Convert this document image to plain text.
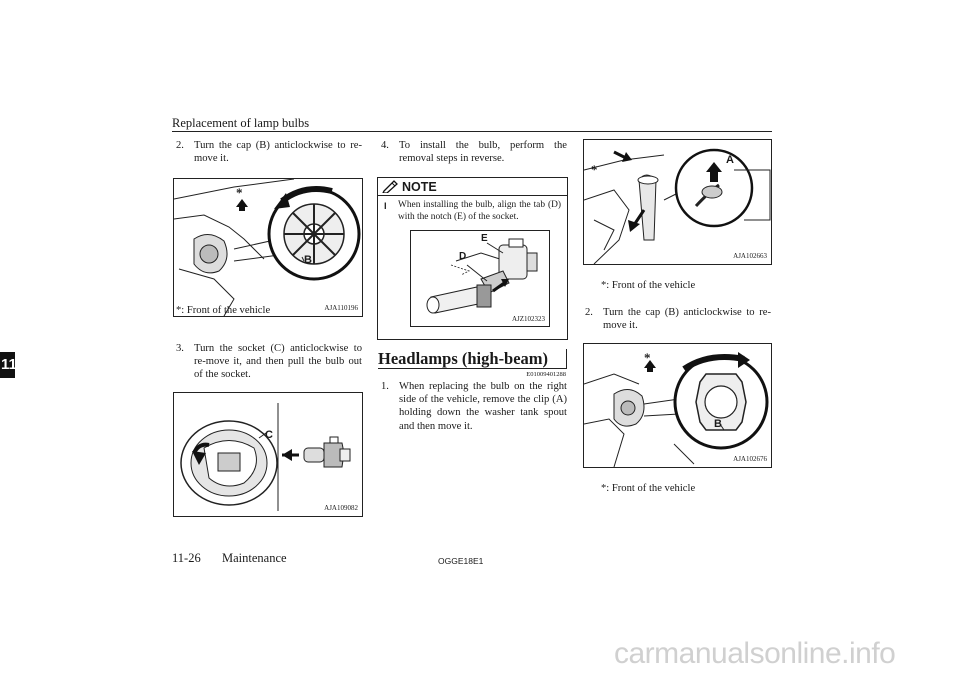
Replacement of lamp bulbs
11
2. Turn the cap (B) anticlockwise to re-move it.
*
B
AJA110196
*: Front of the vehicle
3. Turn the socket (C) anticlockwise to re-move it, and then pull the bulb out of the socket.
C
AJA109082
4. To install the bulb, perform the removal steps in reverse.
NOTE
l When installing the bulb, align the tab (D) with the notch (E) of the socket.
D
E
AJZ102323
Headlamps (high-beam)
E01009401288
1. When replacing the bulb on the right side of the vehicle, remove the clip (A) holding down the washer tank spout and then move it.
*
A
AJA102663
*: Front of the vehicle
2. Turn the cap (B) anticlockwise to re-move it.
*
B
AJA102676
*: Front of the vehicle
11-26 Maintenance	OGGE18E1
carmanualsonline.info
